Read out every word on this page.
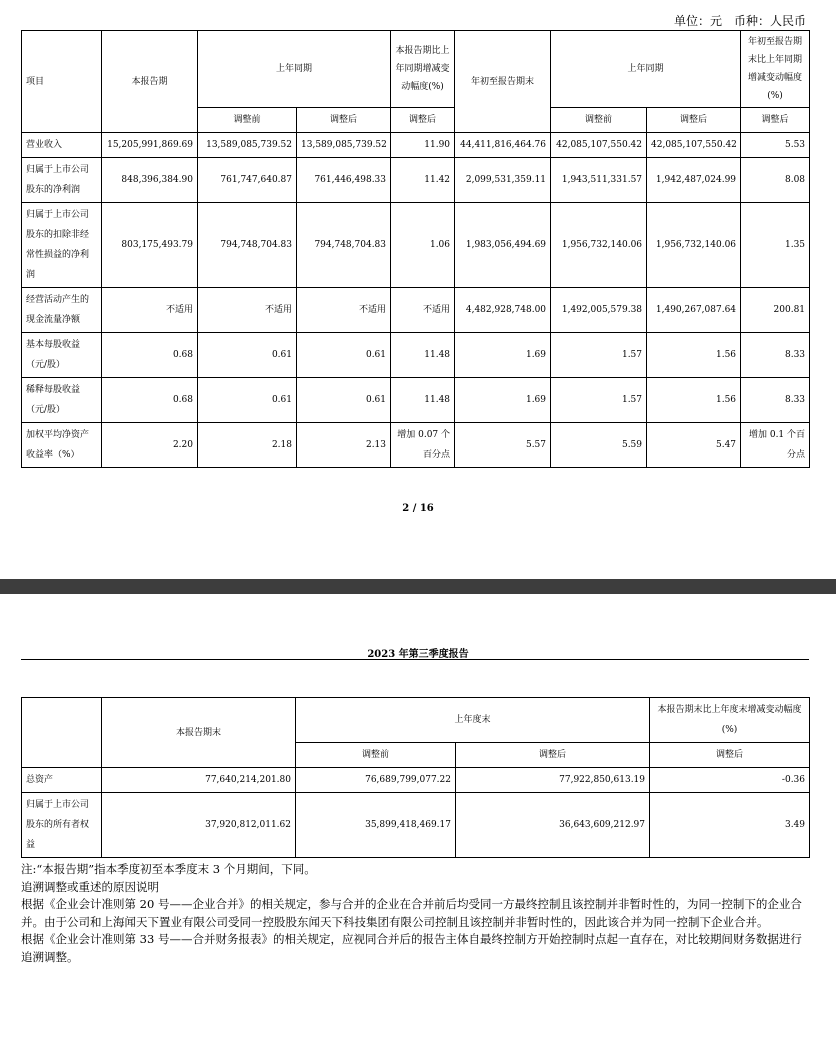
单位：元　币种：人民币
项目	本报告期	上年同期		本报告期比上年同期增减变动幅度(%)	年初至报告期末	上年同期		年初至报告期末比上年同期增减变动幅度(%)
		调整前	调整后	调整后		调整前	调整后	调整后
营业收入	15,205,991,869.69	13,589,085,739.52	13,589,085,739.52	11.90	44,411,816,464.76	42,085,107,550.42	42,085,107,550.42	5.53
归属于上市公司股东的净利润	848,396,384.90	761,747,640.87	761,446,498.33	11.42	2,099,531,359.11	1,943,511,331.57	1,942,487,024.99	8.08
归属于上市公司股东的扣除非经常性损益的净利润	803,175,493.79	794,748,704.83	794,748,704.83	1.06	1,983,056,494.69	1,956,732,140.06	1,956,732,140.06	1.35
经营活动产生的现金流量净额	不适用	不适用	不适用	不适用	4,482,928,748.00	1,492,005,579.38	1,490,267,087.64	200.81
基本每股收益（元/股）	0.68	0.61	0.61	11.48	1.69	1.57	1.56	8.33
稀释每股收益（元/股）	0.68	0.61	0.61	11.48	1.69	1.57	1.56	8.33
加权平均净资产收益率（%）	2.20	2.18	2.13	增加 0.07 个百分点	5.57	5.59	5.47	增加 0.1 个百分点
2 / 16
2023 年第三季度报告
	本报告期末	上年度末		本报告期末比上年度末增减变动幅度(%)
		调整前	调整后	调整后
总资产	77,640,214,201.80	76,689,799,077.22	77,922,850,613.19	-0.36
归属于上市公司股东的所有者权益	37,920,812,011.62	35,899,418,469.17	36,643,609,212.97	3.49

注:“本报告期”指本季度初至本季度末 3 个月期间，下同。

追溯调整或重述的原因说明

根据《企业会计准则第 20 号——企业合并》的相关规定，参与合并的企业在合并前后均受同一方最终控制且该控制并非暂时性的，为同一控制下的企业合并。由于公司和上海闻天下置业有限公司受同一控股股东闻天下科技集团有限公司控制且该控制并非暂时性的，因此该合并为同一控制下企业合并。

根据《企业会计准则第 33 号——合并财务报表》的相关规定，应视同合并后的报告主体自最终控制方开始控制时点起一直存在，对比较期间财务数据进行追溯调整。
